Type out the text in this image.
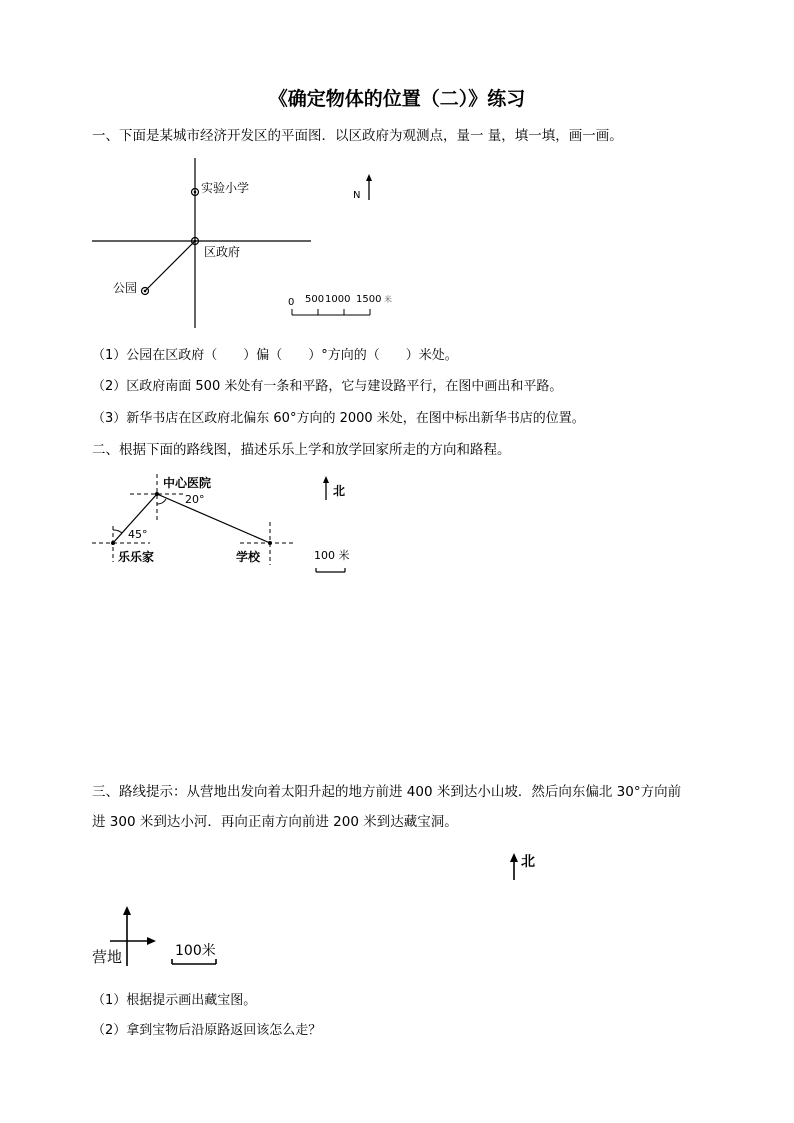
《确定物体的位置（二）》练习
一、下面是某城市经济开发区的平面图．以区政府为观测点，量一 量，填一填，画一画。
实验小学
区政府
公园
N
0 500 1000 1500 米
中心医院
20°
45°
乐乐家	学校
北
100 米
北
营地	100米
（1）公园在区政府（　　）偏（　　）°方向的（　　）米处。
（2）区政府南面 500 米处有一条和平路，它与建设路平行，在图中画出和平路。
（3）新华书店在区政府北偏东 60°方向的 2000 米处，在图中标出新华书店的位置。
二、根据下面的路线图，描述乐乐上学和放学回家所走的方向和路程。
三、路线提示：从营地出发向着太阳升起的地方前进 400 米到达小山坡．然后向东偏北 30°方向前
进 300 米到达小河．再向正南方向前进 200 米到达藏宝洞。
（1）根据提示画出藏宝图。
（2）拿到宝物后沿原路返回该怎么走？
